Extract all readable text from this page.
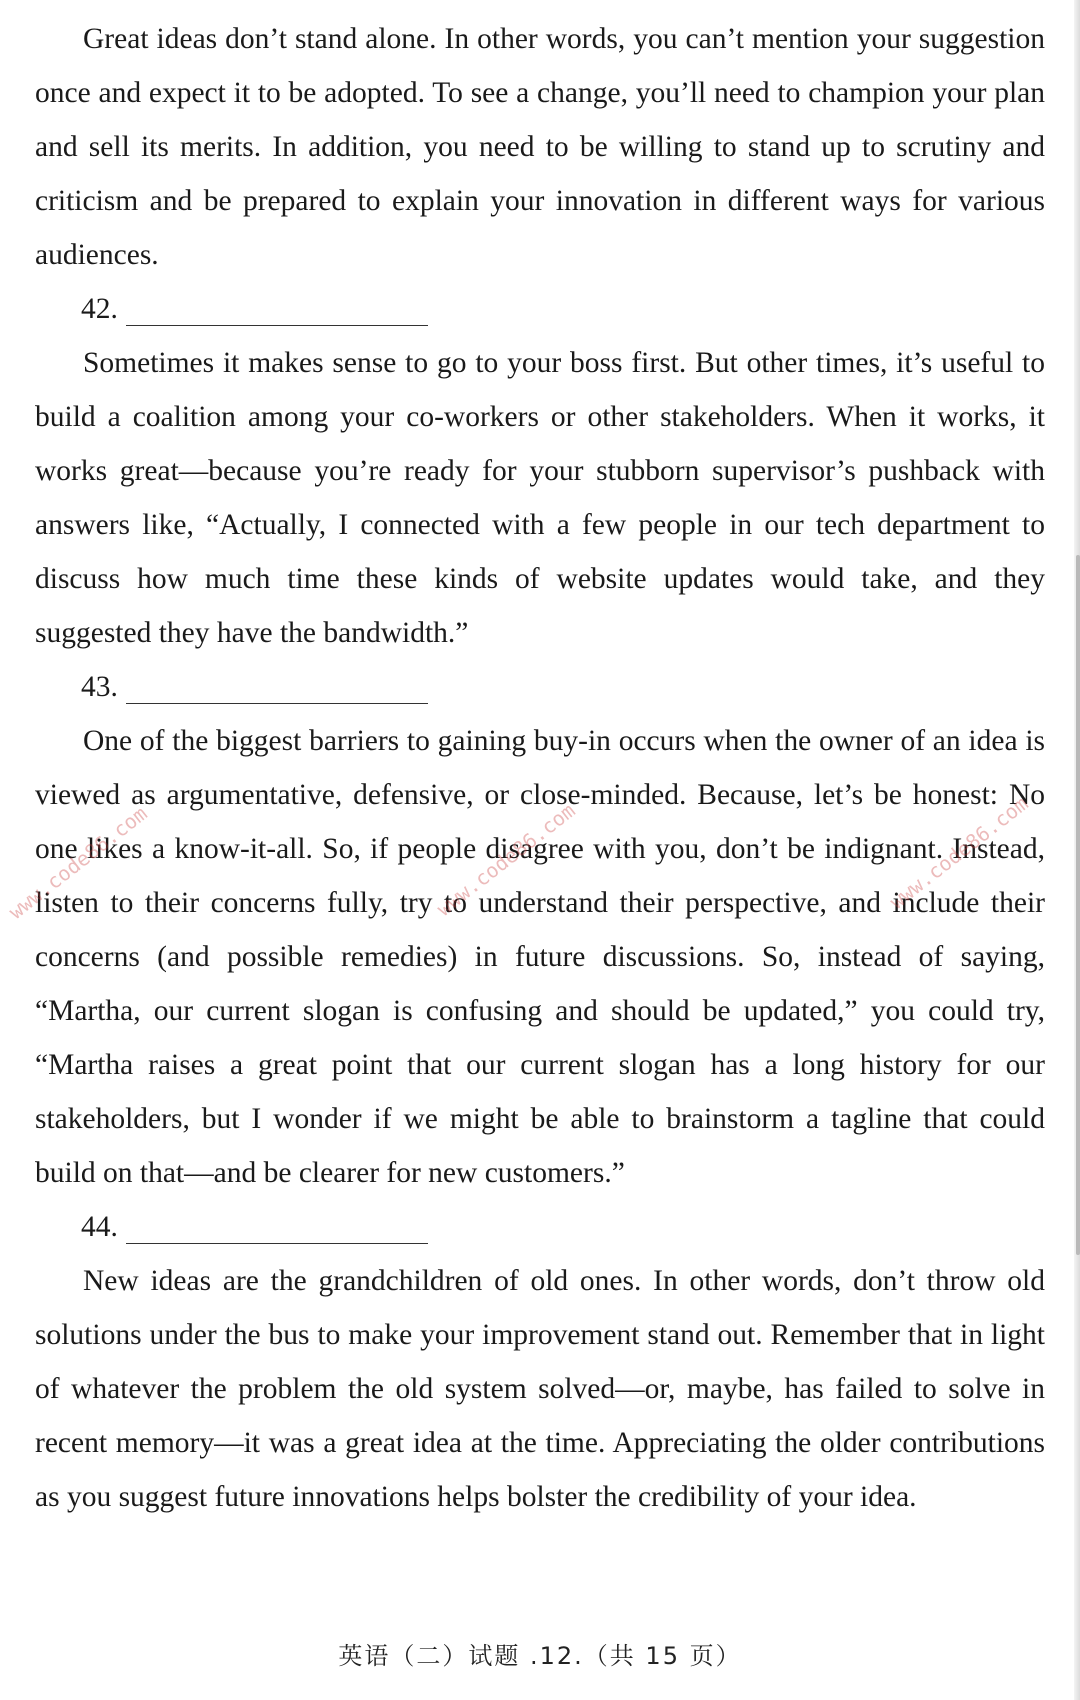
Great ideas don’t stand alone. In other words, you can’t mention your suggestion once and expect it to be adopted. To see a change, you’ll need to champion your plan and sell its merits. In addition, you need to be willing to stand up to scrutiny and criticism and be prepared to explain your innovation in different ways for various audiences.

42.

Sometimes it makes sense to go to your boss first. But other times, it’s useful to build a coalition among your co-workers or other stakeholders. When it works, it works great—because you’re ready for your stubborn supervisor’s pushback with answers like, “Actually, I connected with a few people in our tech department to discuss how much time these kinds of website updates would take, and they suggested they have the bandwidth.”

43.

One of the biggest barriers to gaining buy-in occurs when the owner of an idea is viewed as argumentative, defensive, or close-minded. Because, let’s be honest: No one likes a know-it-all. So, if people disagree with you, don’t be indignant. Instead, listen to their concerns fully, try to understand their perspective, and include their concerns (and possible remedies) in future discussions. So, instead of saying, “Martha, our current slogan is confusing and should be updated,” you could try, “Martha raises a great point that our current slogan has a long history for our stakeholders, but I wonder if we might be able to brainstorm a tagline that could build on that—and be clearer for new customers.”

44.

New ideas are the grandchildren of old ones. In other words, don’t throw old solutions under the bus to make your improvement stand out. Remember that in light of whatever the problem the old system solved—or, maybe, has failed to solve in recent memory—it was a great idea at the time. Appreciating the older contributions as you suggest future innovations helps bolster the credibility of your idea.

www.code86.com	www.code86.com	www.code86.com
英语（二）试题 .12.（共 15 页）
